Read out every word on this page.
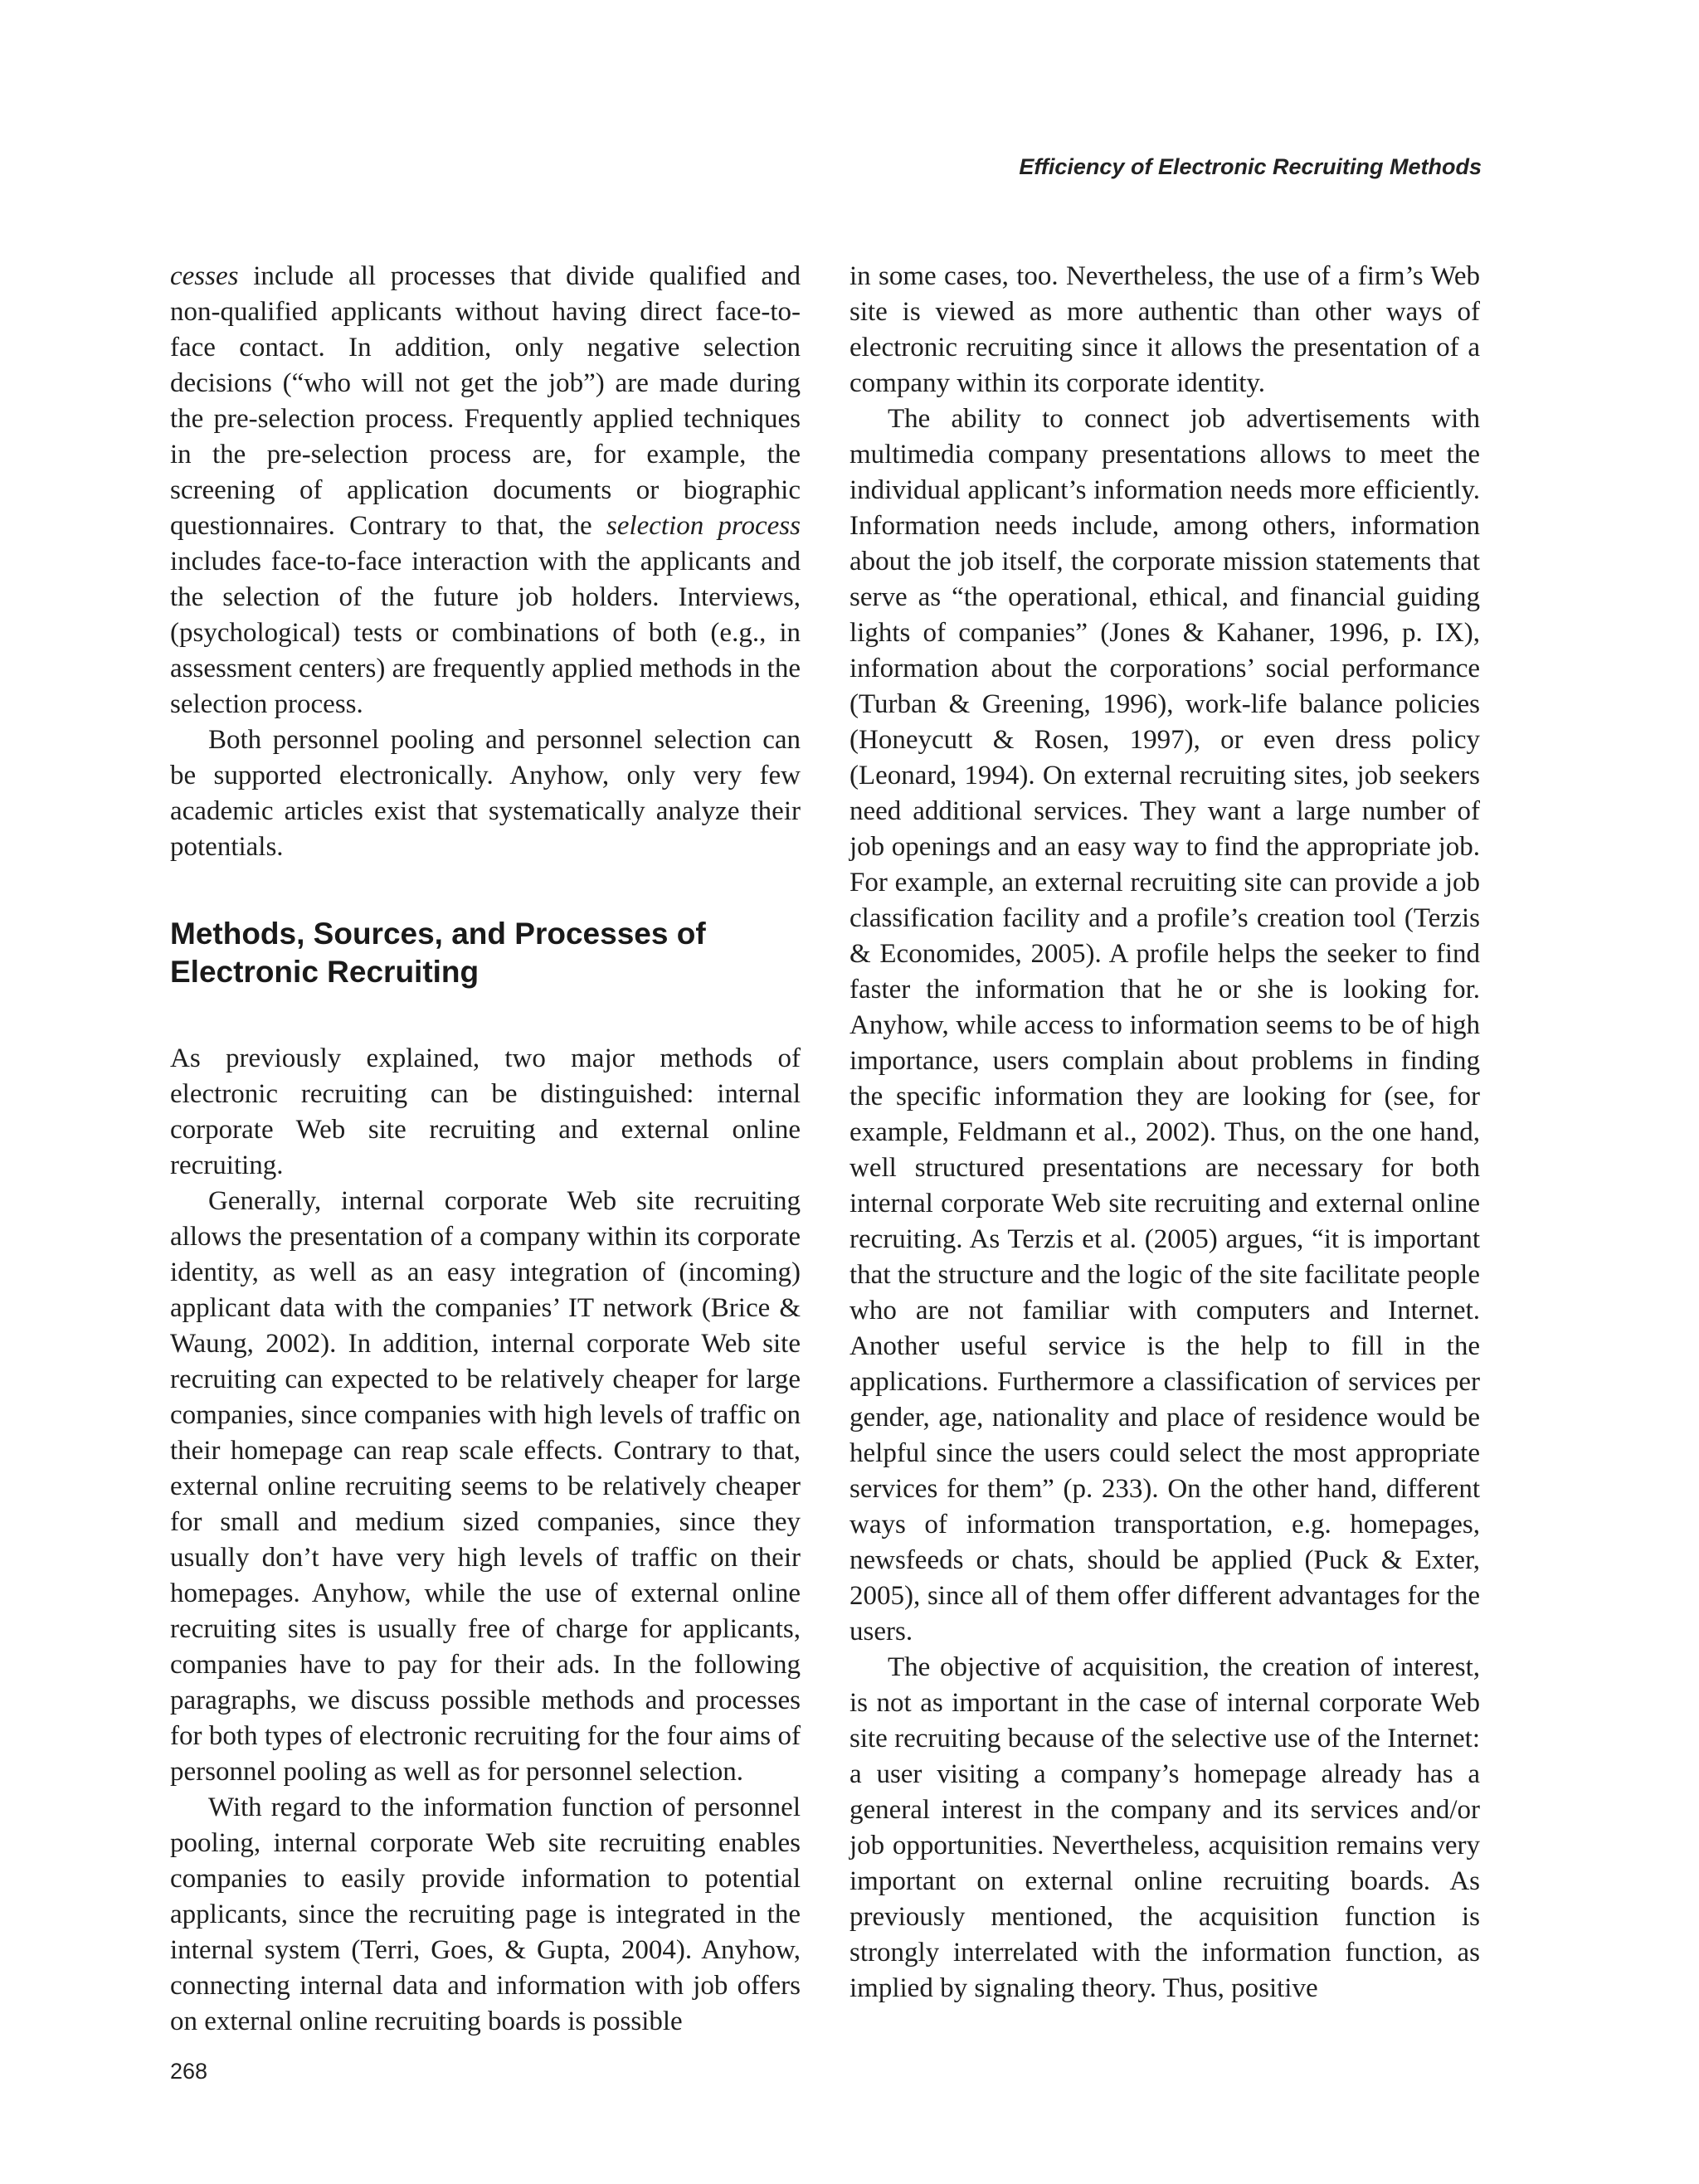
Efficiency of Electronic Recruiting Methods

cesses include all processes that divide qualified and non-qualified applicants without having direct face-to-face contact. In addition, only negative selection decisions (“who will not get the job”) are made during the pre-selection process. Frequently applied techniques in the pre-selection process are, for example, the screening of application documents or biographic questionnaires. Contrary to that, the selection process includes face-to-face interaction with the applicants and the selection of the future job holders. Interviews, (psychological) tests or combinations of both (e.g., in assessment centers) are frequently applied methods in the selection process.

Both personnel pooling and personnel selection can be supported electronically. Anyhow, only very few academic articles exist that systematically analyze their potentials.

Methods, Sources, and Processes of Electronic Recruiting

As previously explained, two major methods of electronic recruiting can be distinguished: internal corporate Web site recruiting and external online recruiting.

Generally, internal corporate Web site recruiting allows the presentation of a company within its corporate identity, as well as an easy integration of (incoming) applicant data with the companies’ IT network (Brice & Waung, 2002). In addition, internal corporate Web site recruiting can expected to be relatively cheaper for large companies, since companies with high levels of traffic on their homepage can reap scale effects. Contrary to that, external online recruiting seems to be relatively cheaper for small and medium sized companies, since they usually don’t have very high levels of traffic on their homepages. Anyhow, while the use of external online recruiting sites is usually free of charge for applicants, companies have to pay for their ads. In the following paragraphs, we discuss possible methods and processes for both types of electronic recruiting for the four aims of personnel pooling as well as for personnel selection.

With regard to the information function of personnel pooling, internal corporate Web site recruiting enables companies to easily provide information to potential applicants, since the recruiting page is integrated in the internal system (Terri, Goes, & Gupta, 2004). Anyhow, connecting internal data and information with job offers on external online recruiting boards is possible

in some cases, too. Nevertheless, the use of a firm’s Web site is viewed as more authentic than other ways of electronic recruiting since it allows the presentation of a company within its corporate identity.

The ability to connect job advertisements with multimedia company presentations allows to meet the individual applicant’s information needs more efficiently. Information needs include, among others, information about the job itself, the corporate mission statements that serve as “the operational, ethical, and financial guiding lights of companies” (Jones & Kahaner, 1996, p. IX), information about the corporations’ social performance (Turban & Greening, 1996), work-life balance policies (Honeycutt & Rosen, 1997), or even dress policy (Leonard, 1994). On external recruiting sites, job seekers need additional services. They want a large number of job openings and an easy way to find the appropriate job. For example, an external recruiting site can provide a job classification facility and a profile’s creation tool (Terzis & Economides, 2005). A profile helps the seeker to find faster the information that he or she is looking for. Anyhow, while access to information seems to be of high importance, users complain about problems in finding the specific information they are looking for (see, for example, Feldmann et al., 2002). Thus, on the one hand, well structured presentations are necessary for both internal corporate Web site recruiting and external online recruiting. As Terzis et al. (2005) argues, “it is important that the structure and the logic of the site facilitate people who are not familiar with computers and Internet. Another useful service is the help to fill in the applications. Furthermore a classification of services per gender, age, nationality and place of residence would be helpful since the users could select the most appropriate services for them” (p. 233). On the other hand, different ways of information transportation, e.g. homepages, newsfeeds or chats, should be applied (Puck & Exter, 2005), since all of them offer different advantages for the users.

The objective of acquisition, the creation of interest, is not as important in the case of internal corporate Web site recruiting because of the selective use of the Internet: a user visiting a company’s homepage already has a general interest in the company and its services and/or job opportunities. Nevertheless, acquisition remains very important on external online recruiting boards. As previously mentioned, the acquisition function is strongly interrelated with the information function, as implied by signaling theory. Thus, positive

268
